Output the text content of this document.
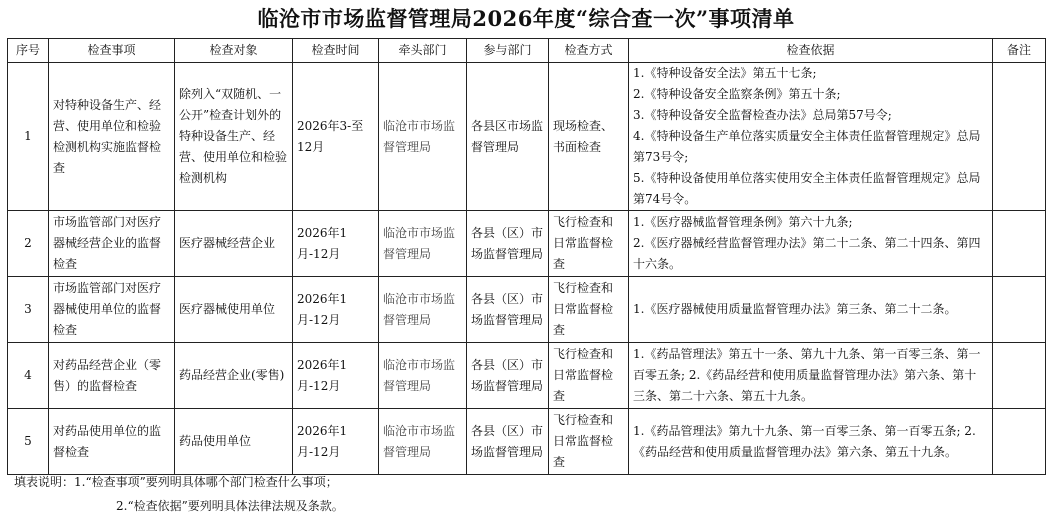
临沧市市场监督管理局2026年度“综合查一次”事项清单
序号	检查事项	检查对象	检查时间	牵头部门	参与部门	检查方式	检查依据	备注
1	对特种设备生产、经营、使用单位和检验检测机构实施监督检查	除列入“双随机、一公开”检查计划外的特种设备生产、经营、使用单位和检验检测机构	2026年3-至12月	临沧市市场监督管理局	各县区市场监督管理局	现场检查、书面检查	1.《特种设备安全法》第五十七条;
2.《特种设备安全监察条例》第五十条;
3.《特种设备安全监督检查办法》总局第57号令;
4.《特种设备生产单位落实质量安全主体责任监督管理规定》总局第73号令;
5.《特种设备使用单位落实使用安全主体责任监督管理规定》总局第74号令。	

2	市场监管部门对医疗器械经营企业的监督检查	医疗器械经营企业	2026年1月-12月	临沧市市场监督管理局	各县（区）市场监督管理局	飞行检查和日常监督检查	1.《医疗器械监督管理条例》第六十九条;
2.《医疗器械经营监督管理办法》第二十二条、第二十四条、第四十六条。	

3	市场监管部门对医疗器械使用单位的监督检查	医疗器械使用单位	2026年1月-12月	临沧市市场监督管理局	各县（区）市场监督管理局	飞行检查和日常监督检查	1.《医疗器械使用质量监督管理办法》第三条、第二十二条。	

4	对药品经营企业（零售）的监督检查	药品经营企业(零售)	2026年1月-12月	临沧市市场监督管理局	各县（区）市场监督管理局	飞行检查和日常监督检查	1.《药品管理法》第五十一条、第九十九条、第一百零三条、第一百零五条; 2.《药品经营和使用质量监督管理办法》第六条、第十三条、第二十六条、第五十九条。	

5	对药品使用单位的监督检查	药品使用单位	2026年1月-12月	临沧市市场监督管理局	各县（区）市场监督管理局	飞行检查和日常监督检查	1.《药品管理法》第九十九条、第一百零三条、第一百零五条; 2.《药品经营和使用质量监督管理办法》第六条、第五十九条。	

填表说明：1.“检查事项”要列明具体哪个部门检查什么事项；
2.“检查依据”要列明具体法律法规及条款。
